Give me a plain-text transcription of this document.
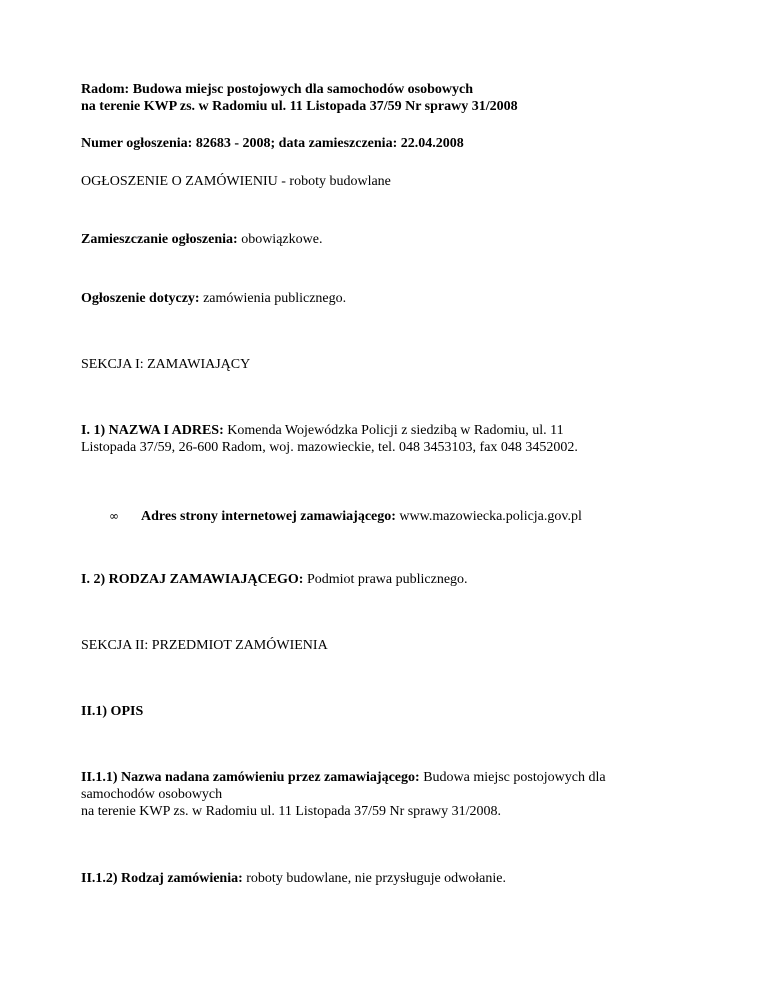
Radom: Budowa miejsc postojowych dla samochodów osobowych
na terenie KWP zs. w Radomiu ul. 11 Listopada 37/59 Nr sprawy 31/2008

Numer ogłoszenia: 82683 - 2008; data zamieszczenia: 22.04.2008

OGŁOSZENIE O ZAMÓWIENIU - roboty budowlane

Zamieszczanie ogłoszenia: obowiązkowe.

Ogłoszenie dotyczy: zamówienia publicznego.

SEKCJA I: ZAMAWIAJĄCY

I. 1) NAZWA I ADRES: Komenda Wojewódzka Policji z siedzibą w Radomiu, ul. 11
Listopada 37/59, 26-600 Radom, woj. mazowieckie, tel. 048 3453103, fax 048 3452002.

∞ Adres strony internetowej zamawiającego: www.mazowiecka.policja.gov.pl

I. 2) RODZAJ ZAMAWIAJĄCEGO: Podmiot prawa publicznego.

SEKCJA II: PRZEDMIOT ZAMÓWIENIA

II.1) OPIS

II.1.1) Nazwa nadana zamówieniu przez zamawiającego: Budowa miejsc postojowych dla
samochodów osobowych
na terenie KWP zs. w Radomiu ul. 11 Listopada 37/59 Nr sprawy 31/2008.

II.1.2) Rodzaj zamówienia: roboty budowlane, nie przysługuje odwołanie.
